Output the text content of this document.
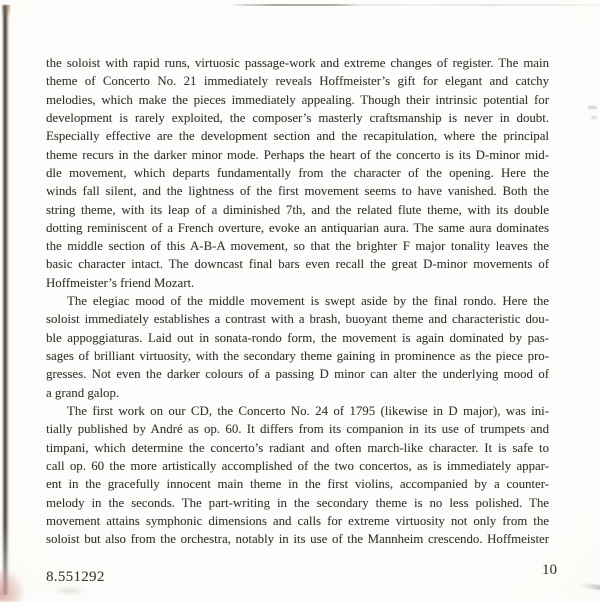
the soloist with rapid runs, virtuosic passage-work and extreme changes of register. The main
theme of Concerto No. 21 immediately reveals Hoffmeister’s gift for elegant and catchy
melodies, which make the pieces immediately appealing. Though their intrinsic potential for
development is rarely exploited, the composer’s masterly craftsmanship is never in doubt.
Especially effective are the development section and the recapitulation, where the principal
theme recurs in the darker minor mode. Perhaps the heart of the concerto is its D-minor mid-
dle movement, which departs fundamentally from the character of the opening. Here the
winds fall silent, and the lightness of the first movement seems to have vanished. Both the
string theme, with its leap of a diminished 7th, and the related flute theme, with its double
dotting reminiscent of a French overture, evoke an antiquarian aura. The same aura dominates
the middle section of this A-B-A movement, so that the brighter F major tonality leaves the
basic character intact. The downcast final bars even recall the great D-minor movements of
Hoffmeister’s friend Mozart.
The elegiac mood of the middle movement is swept aside by the final rondo. Here the
soloist immediately establishes a contrast with a brash, buoyant theme and characteristic dou-
ble appoggiaturas. Laid out in sonata-rondo form, the movement is again dominated by pas-
sages of brilliant virtuosity, with the secondary theme gaining in prominence as the piece pro-
gresses. Not even the darker colours of a passing D minor can alter the underlying mood of
a grand galop.
The first work on our CD, the Concerto No. 24 of 1795 (likewise in D major), was ini-
tially published by André as op. 60. It differs from its companion in its use of trumpets and
timpani, which determine the concerto’s radiant and often march-like character. It is safe to
call op. 60 the more artistically accomplished of the two concertos, as is immediately appar-
ent in the gracefully innocent main theme in the first violins, accompanied by a counter-
melody in the seconds. The part-writing in the secondary theme is no less polished. The
movement attains symphonic dimensions and calls for extreme virtuosity not only from the
soloist but also from the orchestra, notably in its use of the Mannheim crescendo. Hoffmeister
8.551292	10
